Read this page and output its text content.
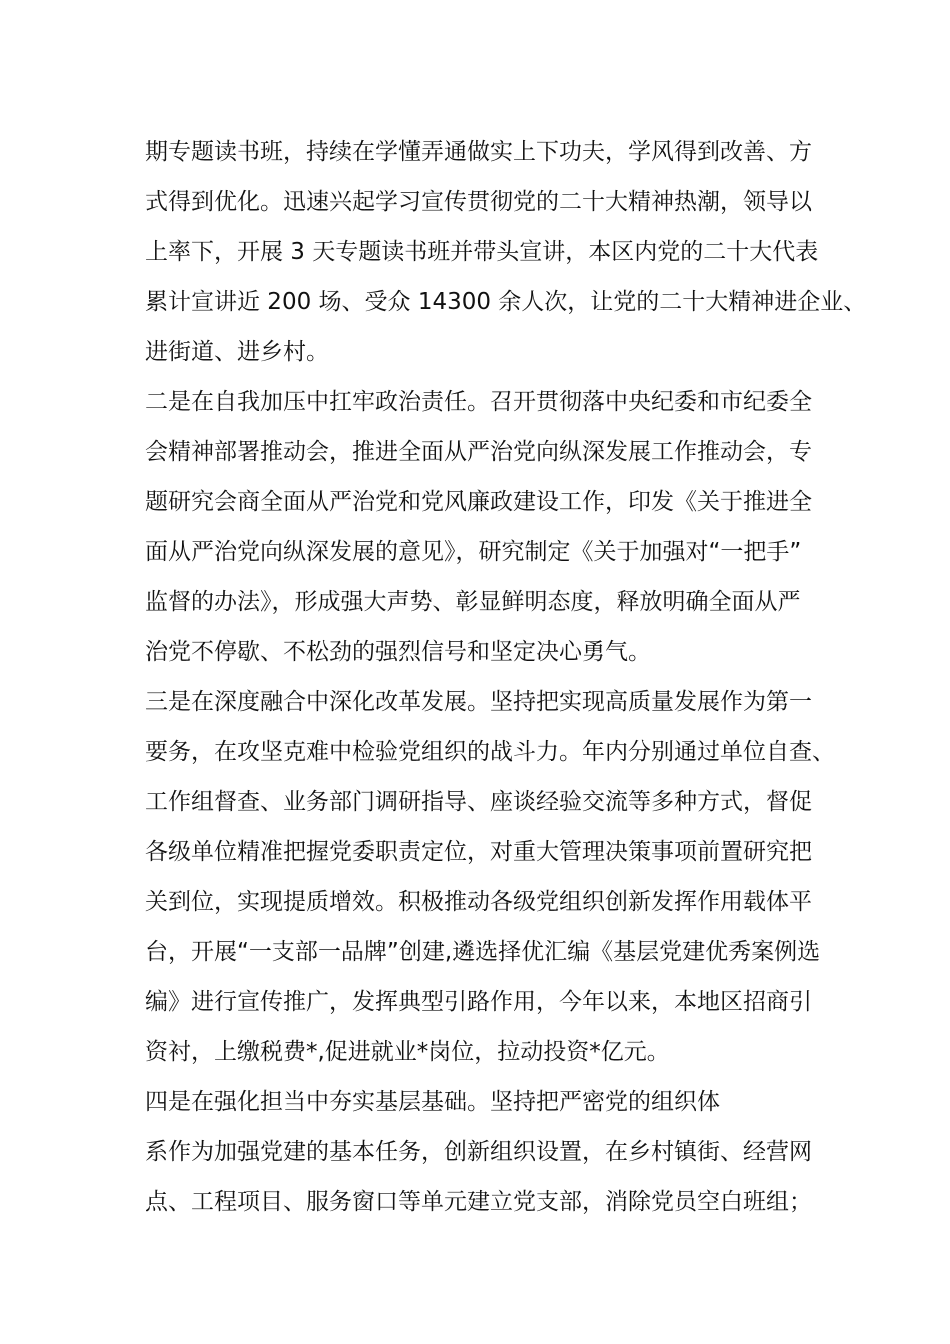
期专题读书班，持续在学懂弄通做实上下功夫，学风得到改善、方
式得到优化。迅速兴起学习宣传贯彻党的二十大精神热潮，领导以
上率下，开展 3 天专题读书班并带头宣讲，本区内党的二十大代表
累计宣讲近 200 场、受众 14300 余人次，让党的二十大精神进企业、
进街道、进乡村。
二是在自我加压中扛牢政治责任。召开贯彻落中央纪委和市纪委全
会精神部署推动会，推进全面从严治党向纵深发展工作推动会，专
题研究会商全面从严治党和党风廉政建设工作，印发《关于推进全
面从严治党向纵深发展的意见》，研究制定《关于加强对“一把手”
监督的办法》，形成强大声势、彰显鲜明态度，释放明确全面从严
治党不停歇、不松劲的强烈信号和坚定决心勇气。
三是在深度融合中深化改革发展。坚持把实现高质量发展作为第一
要务，在攻坚克难中检验党组织的战斗力。年内分别通过单位自查、
工作组督查、业务部门调研指导、座谈经验交流等多种方式，督促
各级单位精准把握党委职责定位，对重大管理决策事项前置研究把
关到位，实现提质增效。积极推动各级党组织创新发挥作用载体平
台，开展“一支部一品牌”创建,遴选择优汇编《基层党建优秀案例选
编》进行宣传推广，发挥典型引路作用，今年以来，本地区招商引
资衬，上缴税费*,促进就业*岗位，拉动投资*亿元。
四是在强化担当中夯实基层基础。坚持把严密党的组织体
系作为加强党建的基本任务，创新组织设置，在乡村镇街、经营网
点、工程项目、服务窗口等单元建立党支部，消除党员空白班组；
